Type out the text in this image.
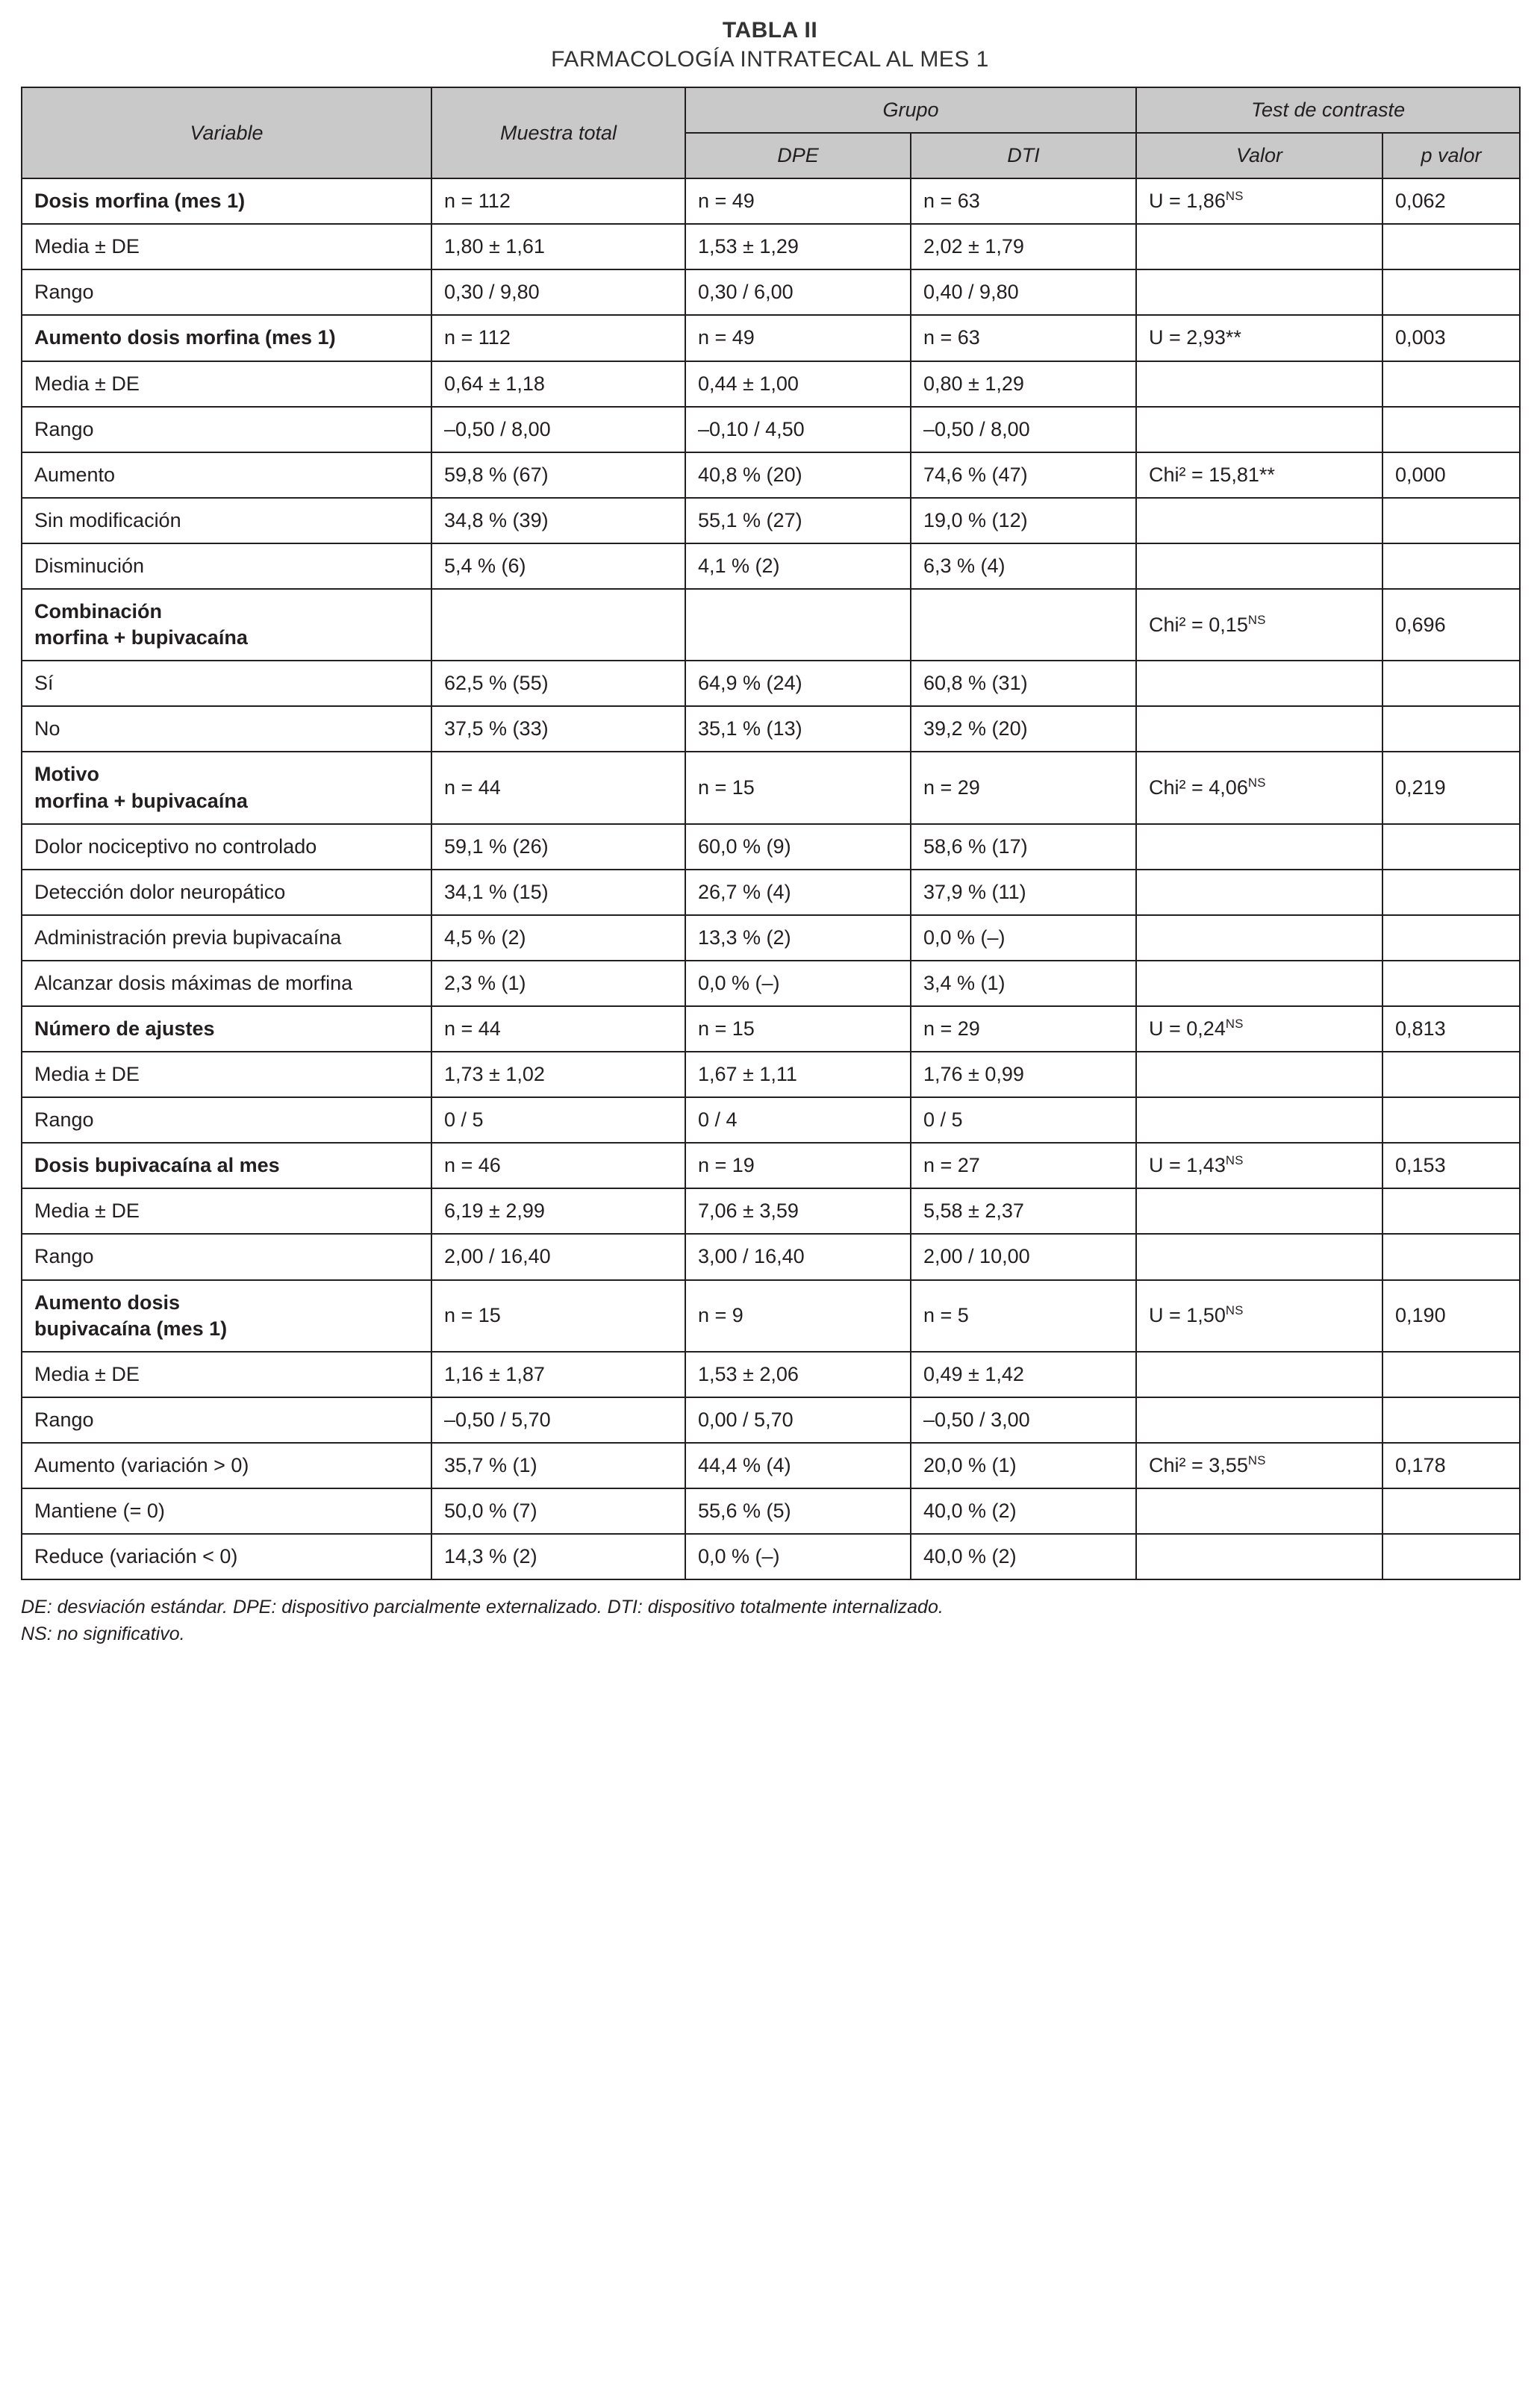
TABLA II
FARMACOLOGÍA INTRATECAL AL MES 1
Variable	Muestra total	Grupo		Test de contraste	
		DPE	DTI	Valor	p valor
Dosis morfina (mes 1)	n = 112	n = 49	n = 63	$U = 1,86^{NS}$	0,062
Media ± DE	1,80 ± 1,61	1,53 ± 1,29	2,02 ± 1,79		
Rango	0,30 / 9,80	0,30 / 6,00	0,40 / 9,80		
Aumento dosis morfina (mes 1)	n = 112	n = 49	n = 63	U = 2,93**	0,003
Media ± DE	0,64 ± 1,18	0,44 ± 1,00	0,80 ± 1,29		
Rango	–0,50 / 8,00	–0,10 / 4,50	–0,50 / 8,00		
Aumento	59,8 % (67)	40,8 % (20)	74,6 % (47)	Chi² = 15,81**	0,000
Sin modificación	34,8 % (39)	55,1 % (27)	19,0 % (12)		
Disminución	5,4 % (6)	4,1 % (2)	6,3 % (4)		
Combinación
morfina + bupivacaína				$Chi^2 = 0,15^{NS}$	0,696
Sí	62,5 % (55)	64,9 % (24)	60,8 % (31)		
No	37,5 % (33)	35,1 % (13)	39,2 % (20)		
Motivo
morfina + bupivacaína	n = 44	n = 15	n = 29	$Chi^2 = 4,06^{NS}$	0,219
Dolor nociceptivo no controlado	59,1 % (26)	60,0 % (9)	58,6 % (17)		
Detección dolor neuropático	34,1 % (15)	26,7 % (4)	37,9 % (11)		
Administración previa bupivacaína	4,5 % (2)	13,3 % (2)	0,0 % (–)		
Alcanzar dosis máximas de morfina	2,3 % (1)	0,0 % (–)	3,4 % (1)		
Número de ajustes	n = 44	n = 15	n = 29	$U = 0,24^{NS}$	0,813
Media ± DE	1,73 ± 1,02	1,67 ± 1,11	1,76 ± 0,99		
Rango	0 / 5	0 / 4	0 / 5		
Dosis bupivacaína al mes	n = 46	n = 19	n = 27	$U = 1,43^{NS}$	0,153
Media ± DE	6,19 ± 2,99	7,06 ± 3,59	5,58 ± 2,37		
Rango	2,00 / 16,40	3,00 / 16,40	2,00 / 10,00		
Aumento dosis
bupivacaína (mes 1)	n = 15	n = 9	n = 5	$U = 1,50^{NS}$	0,190
Media ± DE	1,16 ± 1,87	1,53 ± 2,06	0,49 ± 1,42		
Rango	–0,50 / 5,70	0,00 / 5,70	–0,50 / 3,00		
Aumento (variación > 0)	35,7 % (1)	44,4 % (4)	20,0 % (1)	$Chi^2 = 3,55^{NS}$	0,178
Mantiene (= 0)	50,0 % (7)	55,6 % (5)	40,0 % (2)		
Reduce (variación < 0)	14,3 % (2)	0,0 % (–)	40,0 % (2)		
DE: desviación estándar. DPE: dispositivo parcialmente externalizado. DTI: dispositivo totalmente internalizado.
NS: no significativo.
